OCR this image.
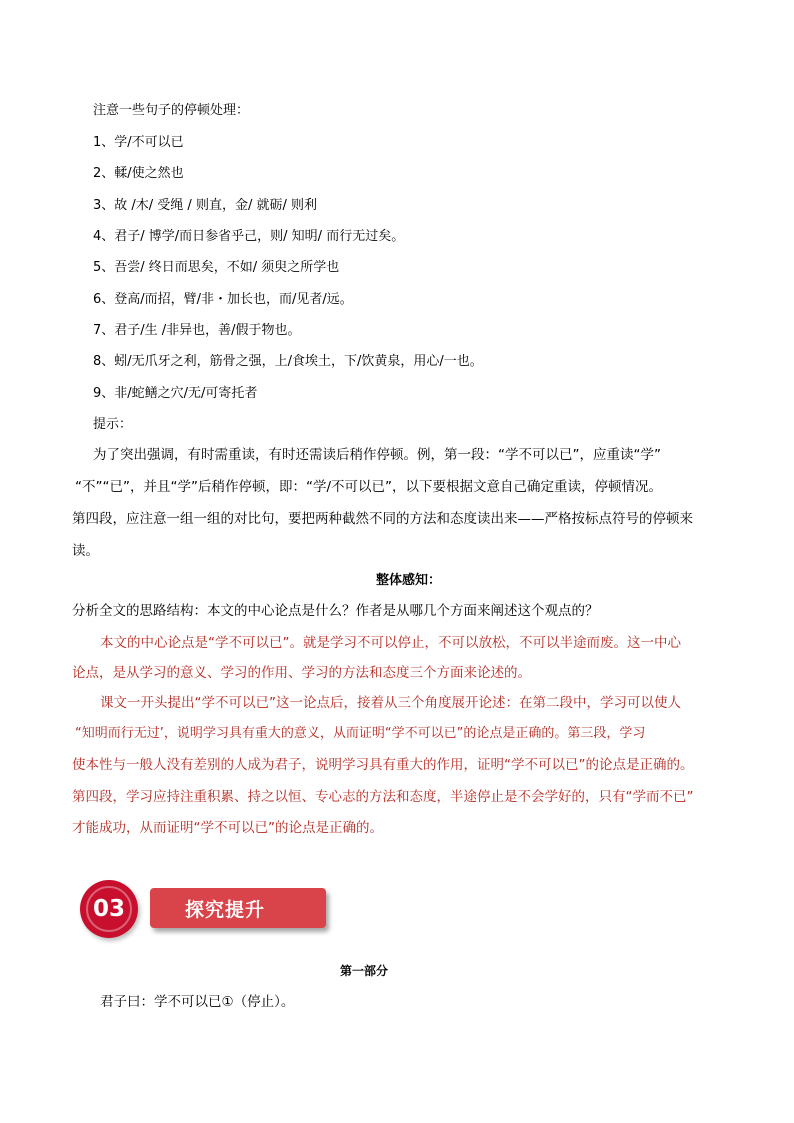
注意一些句子的停顿处理：
1、学/不可以已
2、輮/使之然也
3、故 /木/ 受绳 / 则直，金/ 就砺/ 则利
4、君子/ 博学/而日参省乎己，则/ 知明/ 而行无过矣。
5、吾尝/ 终日而思矣，不如/ 须臾之所学也
6、登高/而招，臂/非・加长也，而/见者/远。
7、君子/生 /非异也，善/假于物也。
8、蚓/无爪牙之利，筋骨之强，上/食埃土，下/饮黄泉，用心/一也。
9、非/蛇鳝之穴/无/可寄托者
提示：
为了突出强调，有时需重读，有时还需读后稍作停顿。例，第一段：“学不可以已”，应重读“学”
“不”“已”，并且“学”后稍作停顿，即：“学/不可以已”，以下要根据文意自己确定重读，停顿情况。
第四段，应注意一组一组的对比句，要把两种截然不同的方法和态度读出来——严格按标点符号的停顿来
读。
整体感知：
分析全文的思路结构：本文的中心论点是什么？作者是从哪几个方面来阐述这个观点的？
本文的中心论点是“学不可以已”。就是学习不可以停止，不可以放松，不可以半途而废。这一中心
论点，是从学习的意义、学习的作用、学习的方法和态度三个方面来论述的。
课文一开头提出“学不可以已”这一论点后，接着从三个角度展开论述：在第二段中，学习可以使人
“知明而行无过’，说明学习具有重大的意义，从而证明“学不可以已”的论点是正确的。第三段，学习
使本性与一般人没有差别的人成为君子，说明学习具有重大的作用，证明“学不可以已”的论点是正确的。
第四段，学习应持注重积累、持之以恒、专心志的方法和态度，半途停止是不会学好的，只有“学而不已”
才能成功，从而证明“学不可以已”的论点是正确的。
03	探究提升
第一部分
君子曰：学不可以已①（停止）。
